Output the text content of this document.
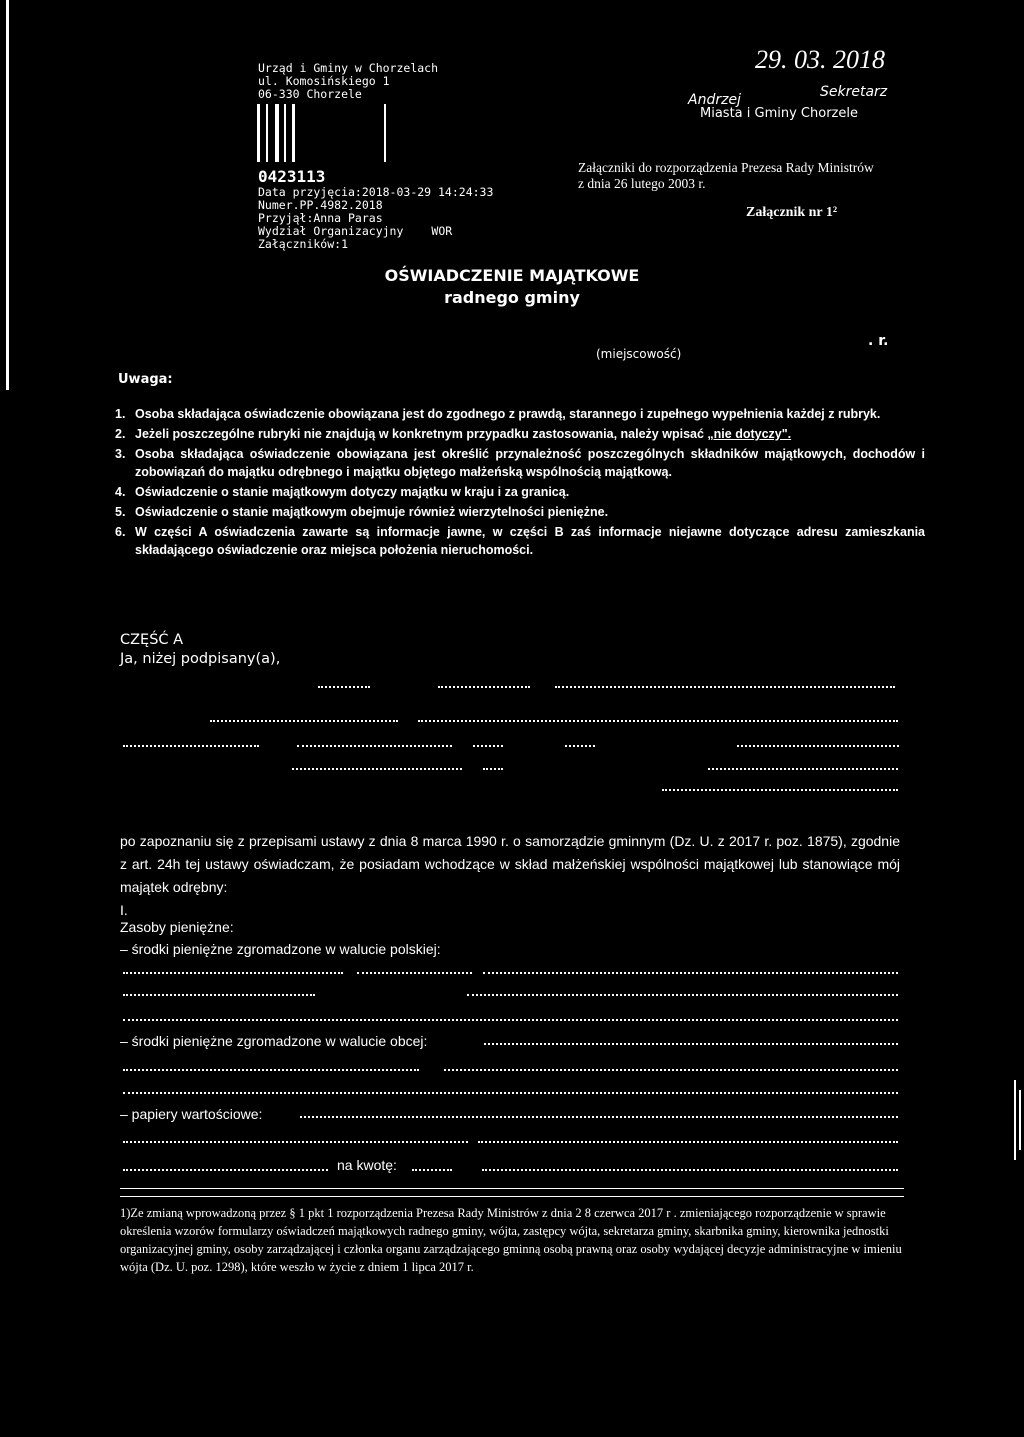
Urząd i Gminy w Chorzelach
ul. Komosińskiego 1
06-330 Chorzele
0423113
Data przyjęcia:2018-03-29 14:24:33
Numer.PP.4982.2018
Przyjął:Anna Paras
Wydział Organizacyjny WOR
Załączników:1
29. 03. 2018
Sekretarz
Andrzej
Miasta i Gminy Chorzele
Załączniki do rozporządzenia Prezesa Rady Ministrów
z dnia 26 lutego 2003 r.
Załącznik nr 1²
OŚWIADCZENIE MAJĄTKOWE
radnego gminy
(miejscowość)
. r.
Uwaga:
1. Osoba składająca oświadczenie obowiązana jest do zgodnego z prawdą, starannego i zupełnego wypełnienia każdej z rubryk.
2. Jeżeli poszczególne rubryki nie znajdują w konkretnym przypadku zastosowania, należy wpisać „nie dotyczy".
3. Osoba składająca oświadczenie obowiązana jest określić przynależność poszczególnych składników majątkowych, dochodów i zobowiązań do majątku odrębnego i majątku objętego małżeńską wspólnością majątkową.
4. Oświadczenie o stanie majątkowym dotyczy majątku w kraju i za granicą.
5. Oświadczenie o stanie majątkowym obejmuje również wierzytelności pieniężne.
6. W części A oświadczenia zawarte są informacje jawne, w części B zaś informacje niejawne dotyczące adresu zamieszkania składającego oświadczenie oraz miejsca położenia nieruchomości.
CZĘŚĆ A
Ja, niżej podpisany(a),
po zapoznaniu się z przepisami ustawy z dnia 8 marca 1990 r. o samorządzie gminnym (Dz. U. z 2017 r. poz. 1875), zgodnie z art. 24h tej ustawy oświadczam, że posiadam wchodzące w skład małżeńskiej wspólności majątkowej lub stanowiące mój majątek odrębny:
I.
Zasoby pieniężne:
– środki pieniężne zgromadzone w walucie polskiej:
– środki pieniężne zgromadzone w walucie obcej:
– papiery wartościowe:
na kwotę:
1)Ze zmianą wprowadzoną przez § 1 pkt 1 rozporządzenia Prezesa Rady Ministrów z dnia 2 8 czerwca 2017 r . zmieniającego rozporządzenie w sprawie określenia wzorów formularzy oświadczeń majątkowych radnego gminy, wójta, zastępcy wójta, sekretarza gminy, skarbnika gminy, kierownika jednostki organizacyjnej gminy, osoby zarządzającej i członka organu zarządzającego gminną osobą prawną oraz osoby wydającej decyzje administracyjne w imieniu wójta (Dz. U. poz. 1298), które weszło w życie z dniem 1 lipca 2017 r.
